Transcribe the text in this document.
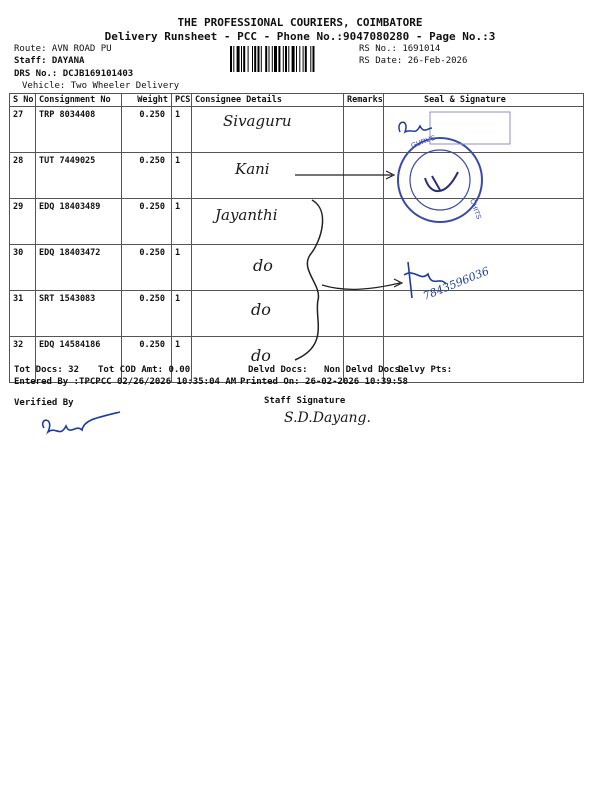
THE PROFESSIONAL COURIERS, COIMBATORE
Delivery Runsheet - PCC - Phone No.:9047080280 - Page No.:3
Route: AVN ROAD PU
Staff: DAYANA
DRS No.: DCJB169101403
Vehicle: Two Wheeler Delivery
RS No.: 1691014
RS Date: 26-Feb-2026
S No	Consignment No	Weight	PCS	Consignee Details	Remarks	Seal & Signature
27	TRP 8034408	0.250	1	Sivaguru		
28	TUT 7449025	0.250	1	Kani		
29	EDQ 18403489	0.250	1	Jayanthi		
30	EDQ 18403472	0.250	1	do		
31	SRT 1543083	0.250	1	do		
32	EDQ 14584186	0.250	1	do		
GURUS
CHITS
7843596036
Tot Docs: 32 Tot COD Amt: 0.00	Delvd Docs: Non Delvd Docs:
Delvy Pts:
Entered By :TPCPCC 02/26/2026 10:35:04 AM Printed On: 26-02-2026 10:39:58
Verified By	Staff Signature
S.D.Dayang.
